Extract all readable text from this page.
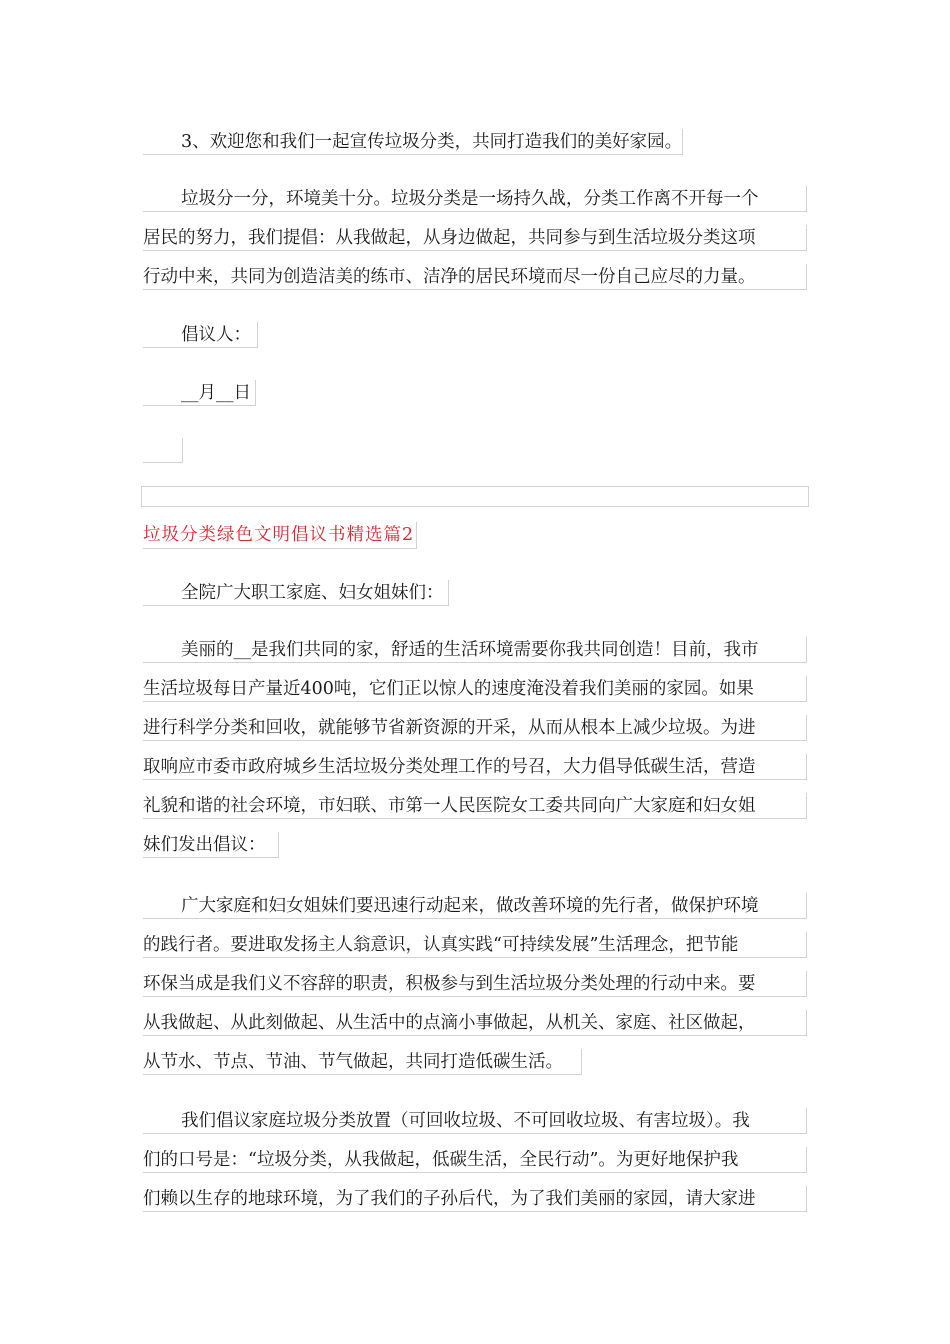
3、欢迎您和我们一起宣传垃圾分类，共同打造我们的美好家园。
垃圾分一分，环境美十分。垃圾分类是一场持久战，分类工作离不开每一个
居民的努力，我们提倡：从我做起，从身边做起，共同参与到生活垃圾分类这项
行动中来，共同为创造洁美的练市、洁净的居民环境而尽一份自己应尽的力量。
倡议人：
__月__日
垃圾分类绿色文明倡议书精选篇2
全院广大职工家庭、妇女姐妹们：
美丽的__是我们共同的家，舒适的生活环境需要你我共同创造！目前，我市
生活垃圾每日产量近400吨，它们正以惊人的速度淹没着我们美丽的家园。如果
进行科学分类和回收，就能够节省新资源的开采，从而从根本上减少垃圾。为进
取响应市委市政府城乡生活垃圾分类处理工作的号召，大力倡导低碳生活，营造
礼貌和谐的社会环境，市妇联、市第一人民医院女工委共同向广大家庭和妇女姐
妹们发出倡议：
广大家庭和妇女姐妹们要迅速行动起来，做改善环境的先行者，做保护环境
的践行者。要进取发扬主人翁意识，认真实践“可持续发展”生活理念，把节能
环保当成是我们义不容辞的职责，积极参与到生活垃圾分类处理的行动中来。要
从我做起、从此刻做起、从生活中的点滴小事做起，从机关、家庭、社区做起，
从节水、节点、节油、节气做起，共同打造低碳生活。
我们倡议家庭垃圾分类放置（可回收垃圾、不可回收垃圾、有害垃圾）。我
们的口号是：“垃圾分类，从我做起，低碳生活，全民行动”。为更好地保护我
们赖以生存的地球环境，为了我们的子孙后代，为了我们美丽的家园，请大家进
